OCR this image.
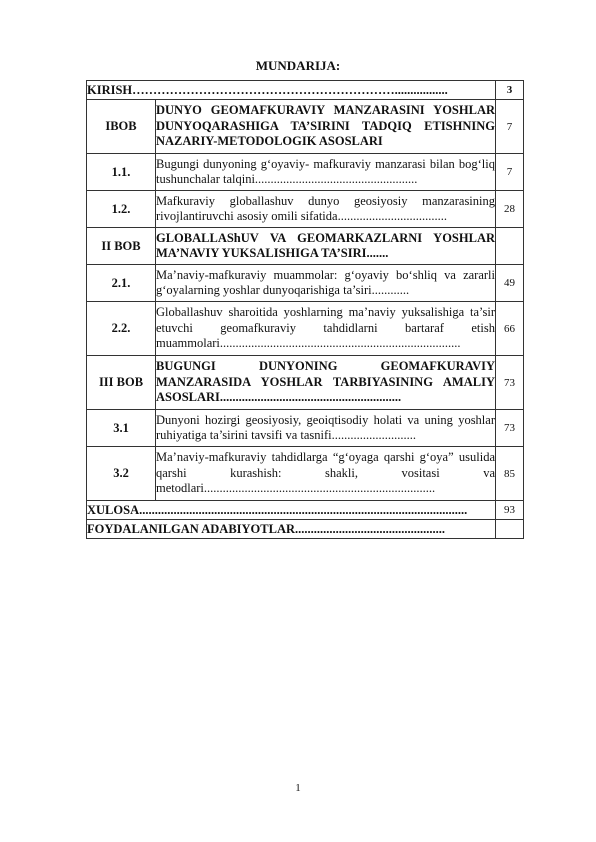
MUNDARIJA:
KIRISH……………………………………………………….................		3
IBOB	DUNYO GEOMAFKURAVIY MANZARASINI YOSHLAR DUNYOQARASHIGA TA’SIRINI TADQIQ ETISHNING NAZARIY-METODOLOGIK ASOSLARI	7
1.1.	Bugungi dunyoning g‘oyaviy- mafkuraviy manzarasi bilan bog‘liq tushunchalar talqini....................................................	7
1.2.	Mafkuraviy globallashuv dunyo geosiyosiy manzarasining rivojlantiruvchi asosiy omili sifatida...................................	28
II BOB	GLOBALLAShUV VA GEOMARKAZLARNI YOSHLAR MA’NAVIY YUKSALISHIGA TA’SIRI.......	
2.1.	Ma’naviy-mafkuraviy muammolar: g‘oyaviy bo‘shliq va zararli g‘oyalarning yoshlar dunyoqarishiga ta’siri............	49
2.2.	Globallashuv sharoitida yoshlarning ma’naviy yuksalishiga ta’sir etuvchi geomafkuraviy tahdidlarni bartaraf etish muammolari.............................................................................	66
III BOB	BUGUNGI DUNYONING GEOMAFKURAVIY MANZARASIDA YOSHLAR TARBIYASINING AMALIY ASOSLARI..........................................................	73
3.1	Dunyoni hozirgi geosiyosiy, geoiqtisodiy holati va uning yoshlar ruhiyatiga ta’sirini tavsifi va tasnifi...........................	73
3.2	Ma’naviy-mafkuraviy tahdidlarga “g‘oyaga qarshi g‘oya” usulida qarshi kurashish: shakli, vositasi va metodlari..........................................................................	85
XULOSA.........................................................................................................		93
FOYDALANILGAN ADABIYOTLAR................................................		
1
